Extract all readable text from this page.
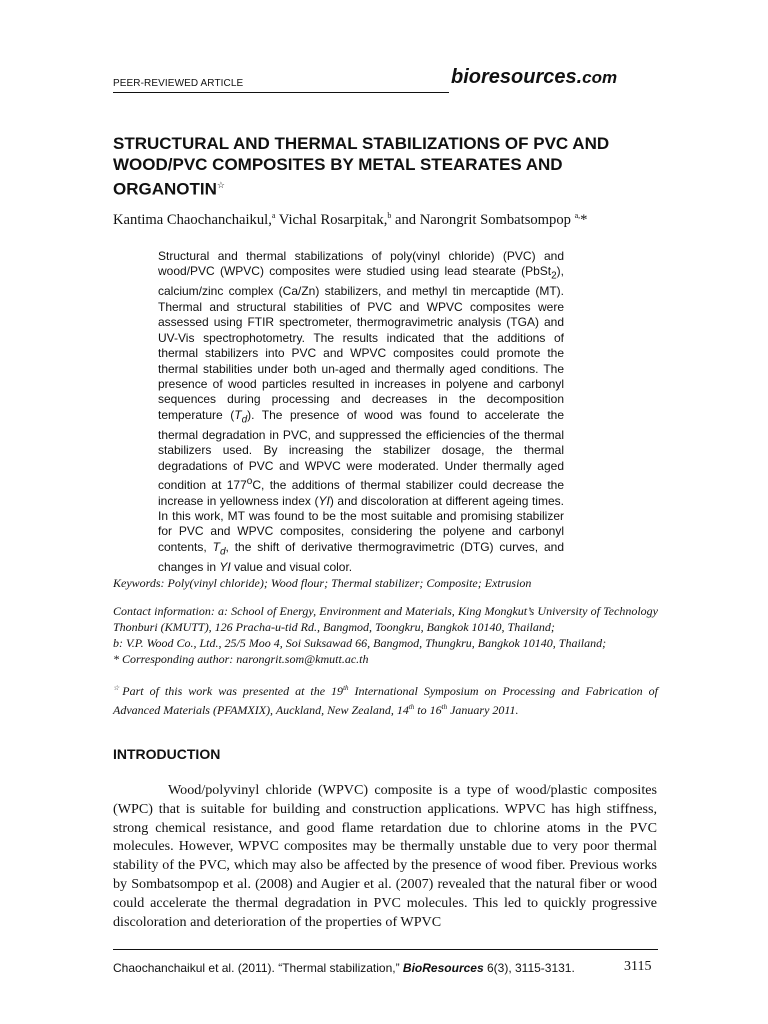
PEER-REVIEWED ARTICLE	bioresources.com
STRUCTURAL AND THERMAL STABILIZATIONS OF PVC AND WOOD/PVC COMPOSITES BY METAL STEARATES AND ORGANOTIN☆
Kantima Chaochanchaikul,$^a$ Vichal Rosarpitak,$^b$ and Narongrit Sombatsompop $^{a,}$*

Structural and thermal stabilizations of poly(vinyl chloride) (PVC) and wood/PVC (WPVC) composites were studied using lead stearate (PbSt$_2$), calcium/zinc complex (Ca/Zn) stabilizers, and methyl tin mercaptide (MT). Thermal and structural stabilities of PVC and WPVC composites were assessed using FTIR spectrometer, thermogravimetric analysis (TGA) and UV-Vis spectrophotometry. The results indicated that the additions of thermal stabilizers into PVC and WPVC composites could promote the thermal stabilities under both un-aged and thermally aged conditions. The presence of wood particles resulted in increases in polyene and carbonyl sequences during processing and decreases in the decomposition temperature $(T_d)$. The presence of wood was found to accelerate the thermal degradation in PVC, and suppressed the efficiencies of the thermal stabilizers used. By increasing the stabilizer dosage, the thermal degradations of PVC and WPVC were moderated. Under thermally aged condition at 177$^o$C, the additions of thermal stabilizer could decrease the increase in yellowness index (YI) and discoloration at different ageing times. In this work, MT was found to be the most suitable and promising stabilizer for PVC and WPVC composites, considering the polyene and carbonyl contents, $T_d$, the shift of derivative thermogravimetric (DTG) curves, and changes in YI value and visual color.

Keywords: Poly(vinyl chloride); Wood flour; Thermal stabilizer; Composite; Extrusion
Contact information: a: School of Energy, Environment and Materials, King Mongkut’s University of Technology Thonburi (KMUTT), 126 Pracha-u-tid Rd., Bangmod, Toongkru, Bangkok 10140, Thailand;
b: V.P. Wood Co., Ltd., 25/5 Moo 4, Soi Suksawad 66, Bangmod, Thungkru, Bangkok 10140, Thailand;
* Corresponding author: narongrit.som@kmutt.ac.th
☆Part of this work was presented at the 19th International Symposium on Processing and Fabrication of Advanced Materials (PFAMXIX), Auckland, New Zealand, 14th to 16th January 2011.
INTRODUCTION
Wood/polyvinyl chloride (WPVC) composite is a type of wood/plastic composites (WPC) that is suitable for building and construction applications. WPVC has high stiffness, strong chemical resistance, and good flame retardation due to chlorine atoms in the PVC molecules. However, WPVC composites may be thermally unstable due to very poor thermal stability of the PVC, which may also be affected by the presence of wood fiber. Previous works by Sombatsompop et al. (2008) and Augier et al. (2007) revealed that the natural fiber or wood could accelerate the thermal degradation in PVC molecules. This led to quickly progressive discoloration and deterioration of the properties of WPVC
Chaochanchaikul et al. (2011). “Thermal stabilization,” BioResources 6(3), 3115-3131.	3115
